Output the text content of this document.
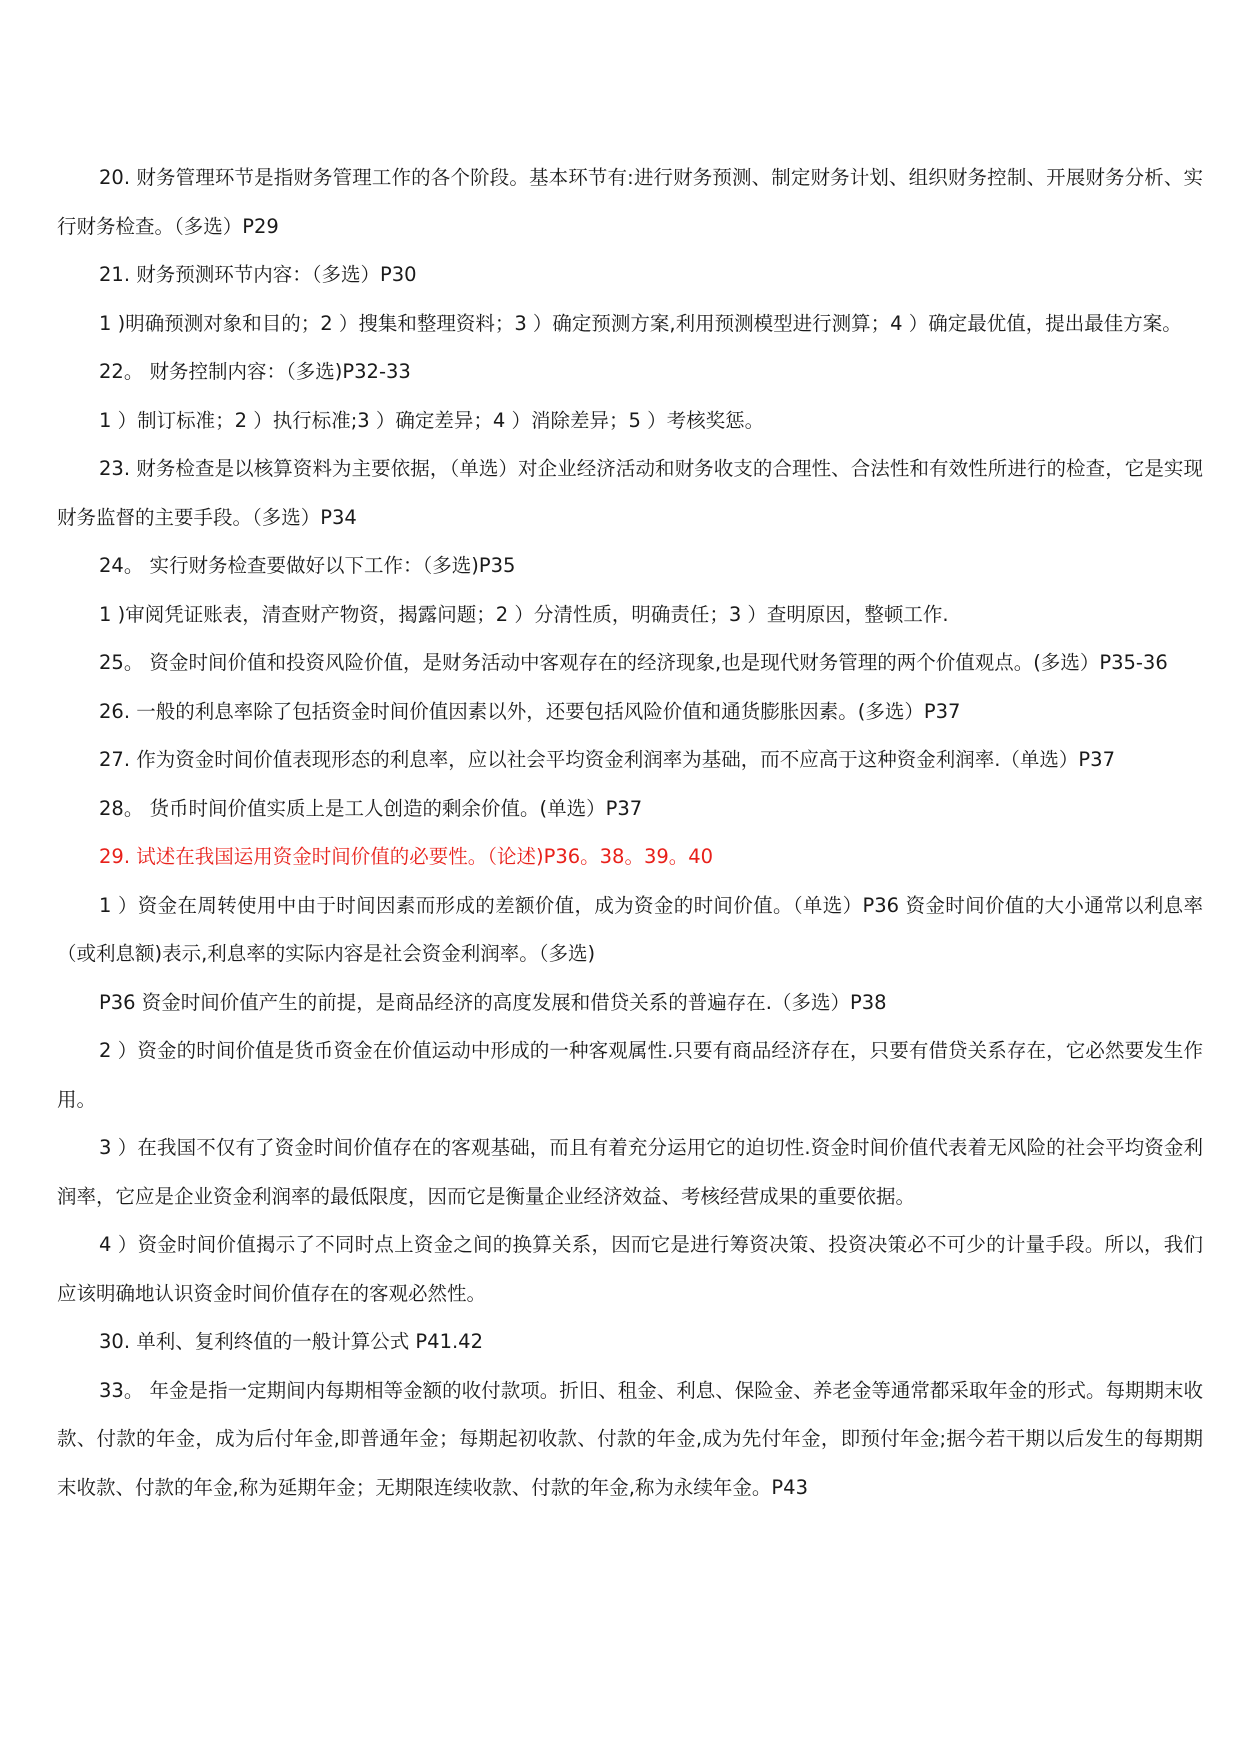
20. 财务管理环节是指财务管理工作的各个阶段。基本环节有:进行财务预测、制定财务计划、组织财务控制、开展财务分析、实行财务检查。（多选）P29

21. 财务预测环节内容：（多选）P30

1 )明确预测对象和目的；2 ）搜集和整理资料；3 ）确定预测方案,利用预测模型进行测算；4 ）确定最优值，提出最佳方案。

22。 财务控制内容：（多选)P32-33

1 ）制订标准；2 ）执行标准;3 ）确定差异；4 ）消除差异；5 ）考核奖惩。

23. 财务检查是以核算资料为主要依据，（单选）对企业经济活动和财务收支的合理性、合法性和有效性所进行的检查，它是实现财务监督的主要手段。（多选）P34

24。 实行财务检查要做好以下工作：（多选)P35

1 )审阅凭证账表，清查财产物资，揭露问题；2 ）分清性质，明确责任；3 ）查明原因，整顿工作.

25。 资金时间价值和投资风险价值，是财务活动中客观存在的经济现象,也是现代财务管理的两个价值观点。(多选）P35-36

26. 一般的利息率除了包括资金时间价值因素以外，还要包括风险价值和通货膨胀因素。(多选）P37

27. 作为资金时间价值表现形态的利息率，应以社会平均资金利润率为基础，而不应高于这种资金利润率.（单选）P37

28。 货币时间价值实质上是工人创造的剩余价值。(单选）P37

29. 试述在我国运用资金时间价值的必要性。（论述)P36。38。39。40

1 ）资金在周转使用中由于时间因素而形成的差额价值，成为资金的时间价值。（单选）P36 资金时间价值的大小通常以利息率（或利息额)表示,利息率的实际内容是社会资金利润率。（多选)

P36 资金时间价值产生的前提，是商品经济的高度发展和借贷关系的普遍存在.（多选）P38

2 ）资金的时间价值是货币资金在价值运动中形成的一种客观属性.只要有商品经济存在，只要有借贷关系存在，它必然要发生作用。

3 ）在我国不仅有了资金时间价值存在的客观基础，而且有着充分运用它的迫切性.资金时间价值代表着无风险的社会平均资金利润率，它应是企业资金利润率的最低限度，因而它是衡量企业经济效益、考核经营成果的重要依据。

4 ）资金时间价值揭示了不同时点上资金之间的换算关系，因而它是进行筹资决策、投资决策必不可少的计量手段。所以，我们应该明确地认识资金时间价值存在的客观必然性。

30. 单利、复利终值的一般计算公式 P41.42

33。 年金是指一定期间内每期相等金额的收付款项。折旧、租金、利息、保险金、养老金等通常都采取年金的形式。每期期末收款、付款的年金，成为后付年金,即普通年金；每期起初收款、付款的年金,成为先付年金，即预付年金;据今若干期以后发生的每期期末收款、付款的年金,称为延期年金；无期限连续收款、付款的年金,称为永续年金。P43
